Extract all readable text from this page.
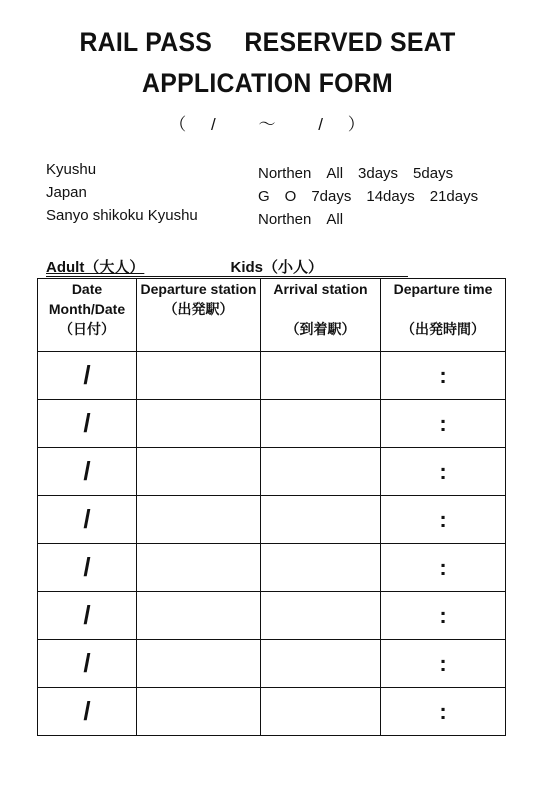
RAIL PASS　 RESERVED SEAT
APPLICATION FORM
（ / 〜 / ）
Kyushu
Japan
Sanyo shikoku Kyushu
Northen　All　3days　5days
G　O　7days　14days　21days
Northen　All
Adult（大人）	Kids（小人）
Date Month/Date
（日付）	Departure station
（出発駅）	Arrival station
（到着駅）	Departure time
（出発時間）

/			:
/			:
/			:
/			:
/			:
/			:
/			:
/			:
